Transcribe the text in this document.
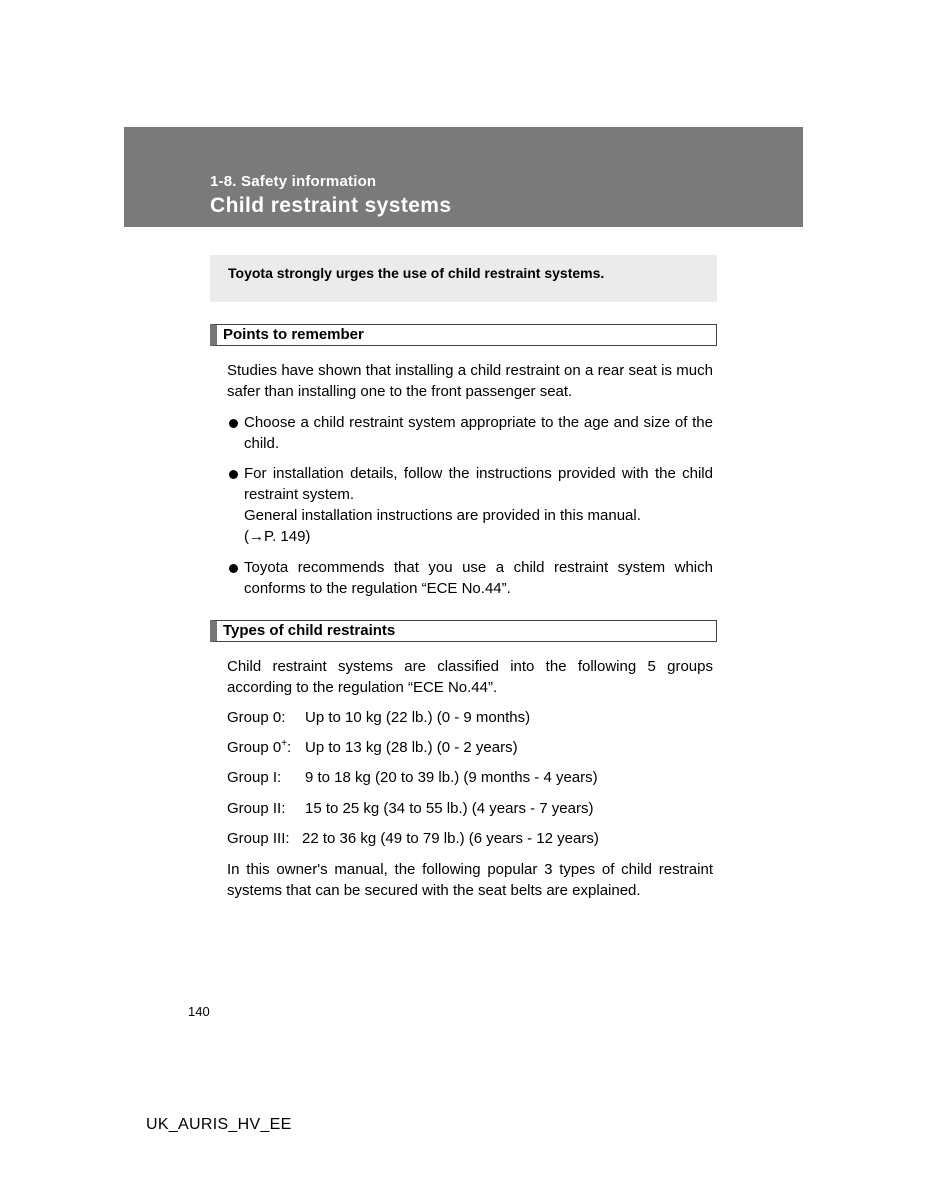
1-8. Safety information
Child restraint systems
Toyota strongly urges the use of child restraint systems.
Points to remember

Studies have shown that installing a child restraint on a rear seat is much safer than installing one to the front passenger seat.

Choose a child restraint system appropriate to the age and size of the child.
For installation details, follow the instructions provided with the child restraint system.
General installation instructions are provided in this manual.
(→P. 149)
Toyota recommends that you use a child restraint system which conforms to the regulation “ECE No.44”.
Types of child restraints

Child restraint systems are classified into the following 5 groups according to the regulation “ECE No.44”.

Group 0: Up to 10 kg (22 lb.) (0 - 9 months)
Group 0+: Up to 13 kg (28 lb.) (0 - 2 years)
Group I: 9 to 18 kg (20 to 39 lb.) (9 months - 4 years)
Group II: 15 to 25 kg (34 to 55 lb.) (4 years - 7 years)
Group III: 22 to 36 kg (49 to 79 lb.) (6 years - 12 years)

In this owner's manual, the following popular 3 types of child restraint systems that can be secured with the seat belts are explained.

140
UK_AURIS_HV_EE
